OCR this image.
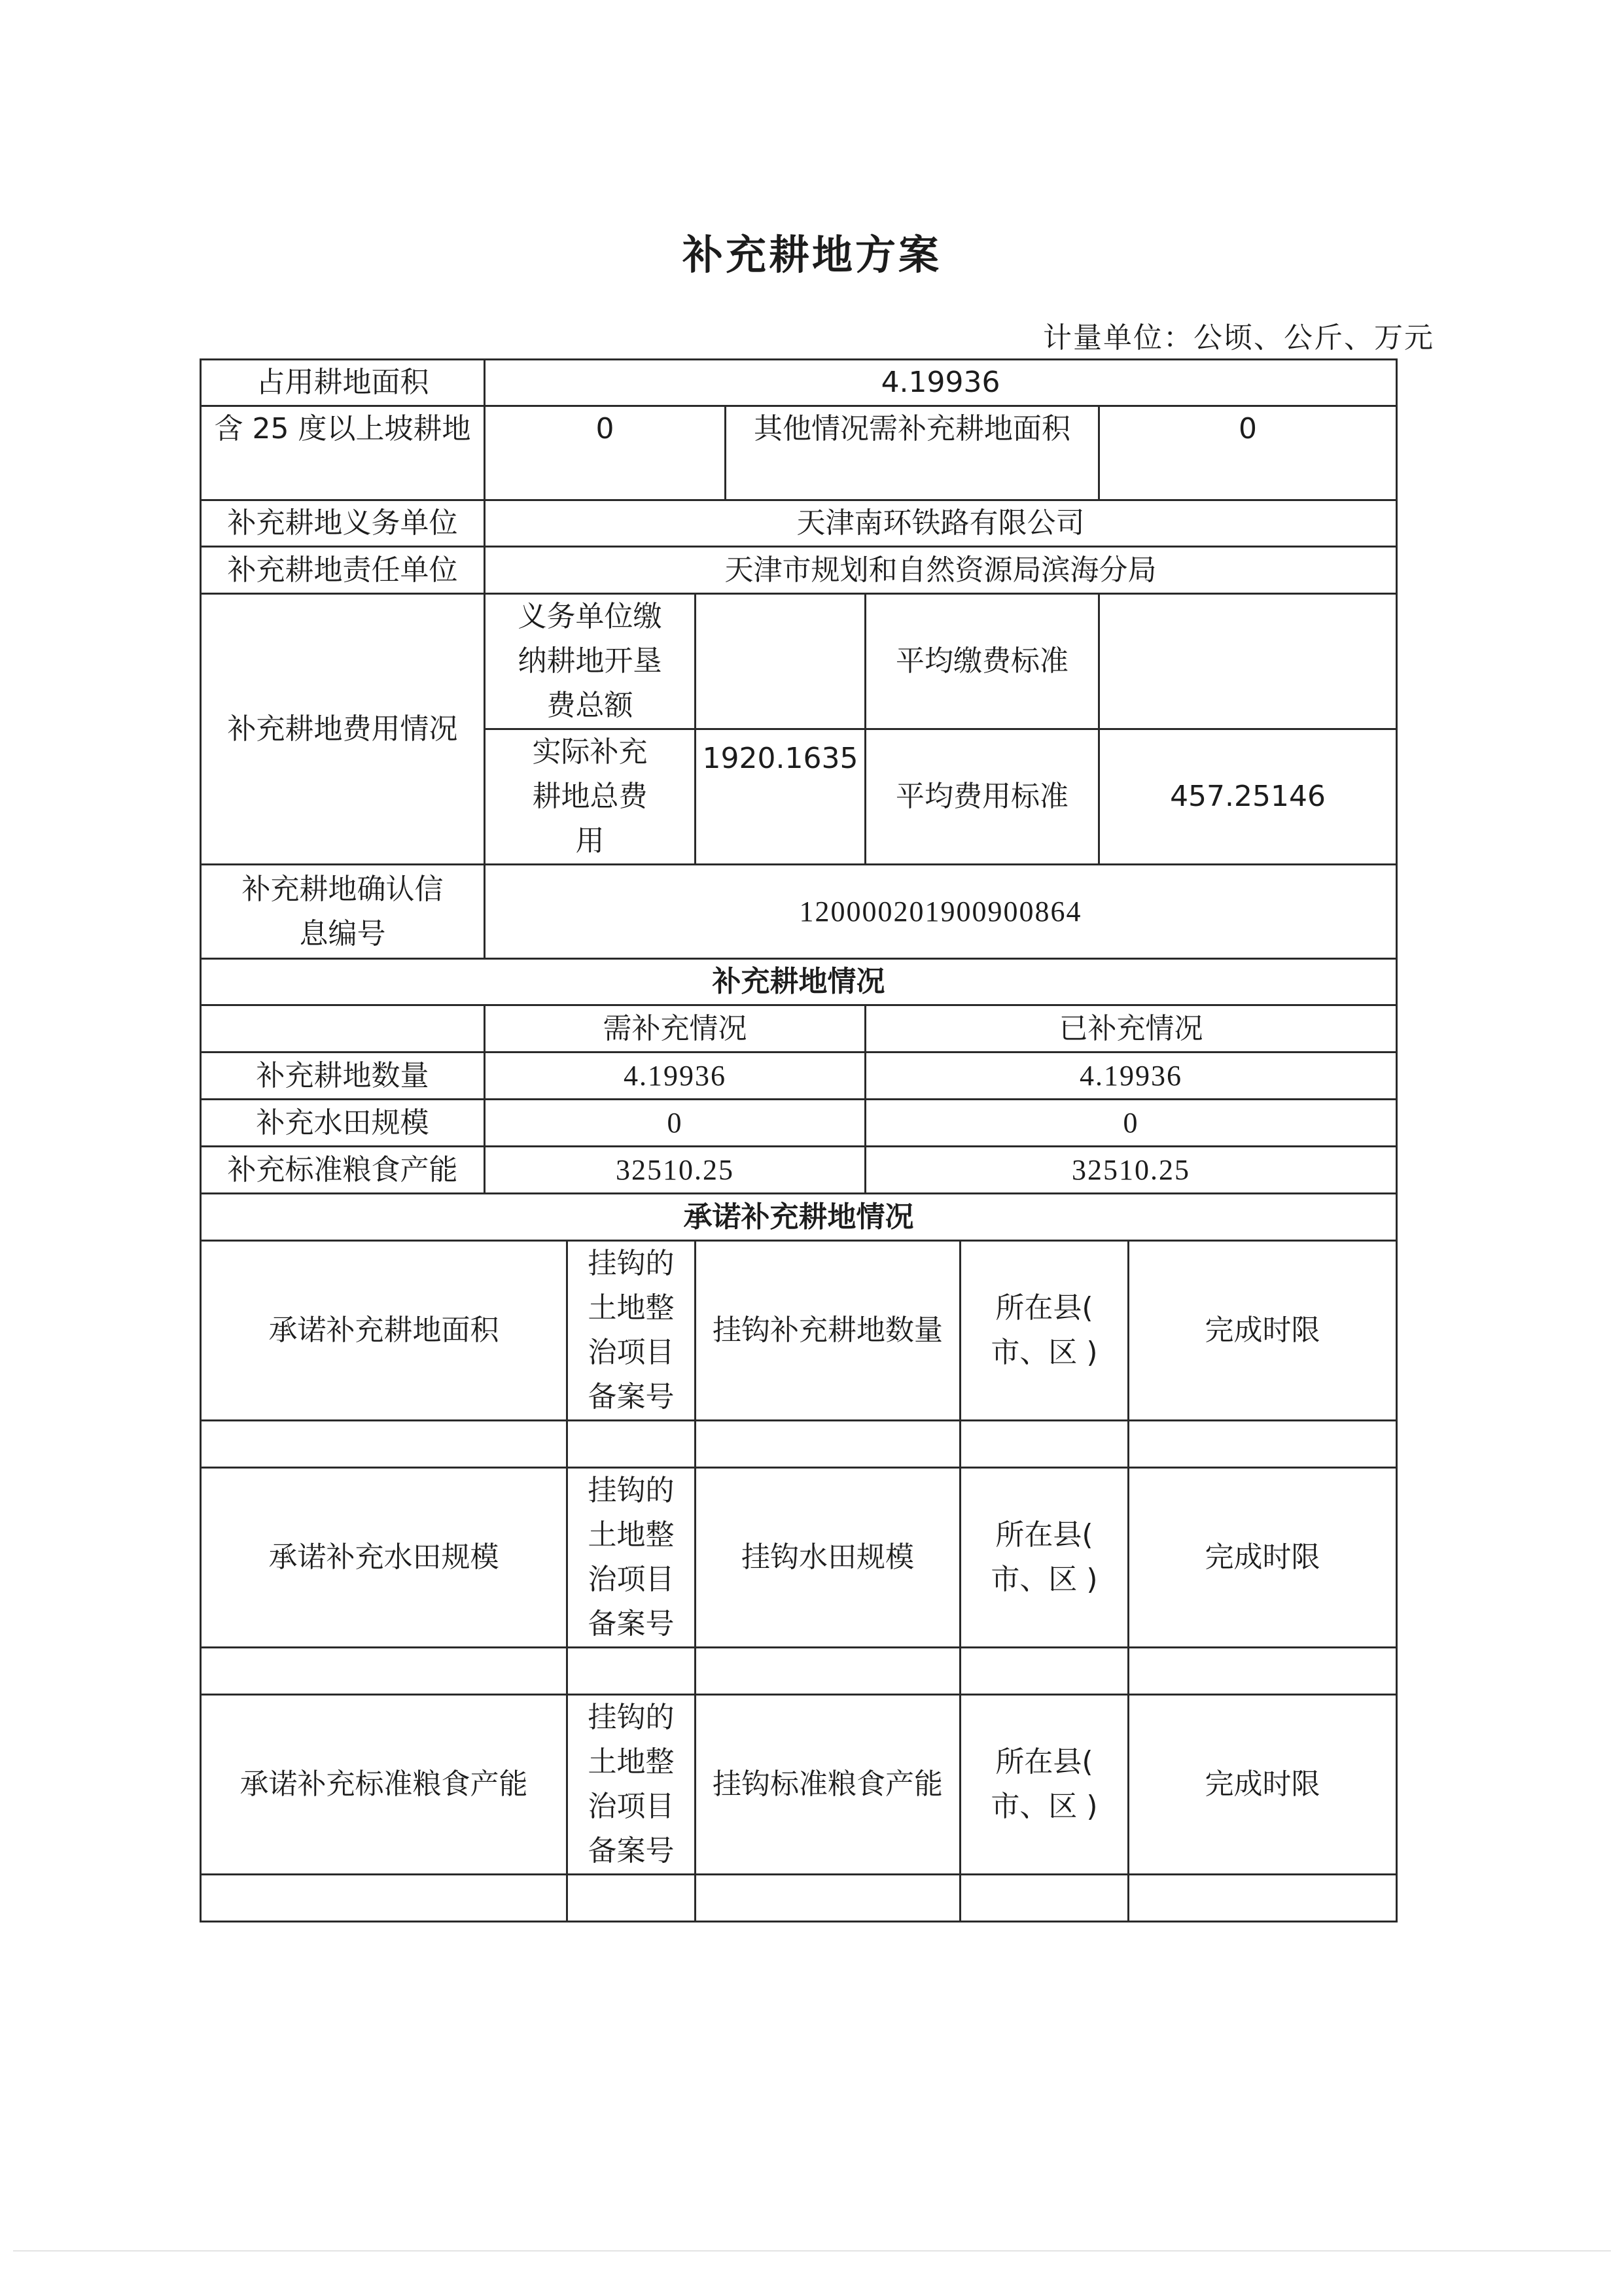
补充耕地方案
计量单位：公顷、公斤、万元
占用耕地面积	4.19936							
含 25 度以上坡耕地	0			其他情况需补充耕地面积			0	
补充耕地义务单位	天津南环铁路有限公司							
补充耕地责任单位	天津市规划和自然资源局滨海分局							
补充耕地费用情况	义务单位缴纳耕地开垦费总额				平均缴费标准			
	实际补充耕地总费用		1920.1635		平均费用标准		457.25146	
补充耕地确认信息编号	120000201900900864							
补充耕地情况								
	需补充情况				已补充情况			
补充耕地数量	4.19936				4.19936			
补充水田规模	0				0			
补充标准粮食产能	32510.25				32510.25			
承诺补充耕地情况								
承诺补充耕地面积		挂钩的土地整治项目备案号	挂钩补充耕地数量			所在县( 市、区 )		完成时限

承诺补充水田规模		挂钩的土地整治项目备案号	挂钩水田规模			所在县( 市、区 )		完成时限

承诺补充标准粮食产能		挂钩的土地整治项目备案号	挂钩标准粮食产能			所在县( 市、区 )		完成时限
